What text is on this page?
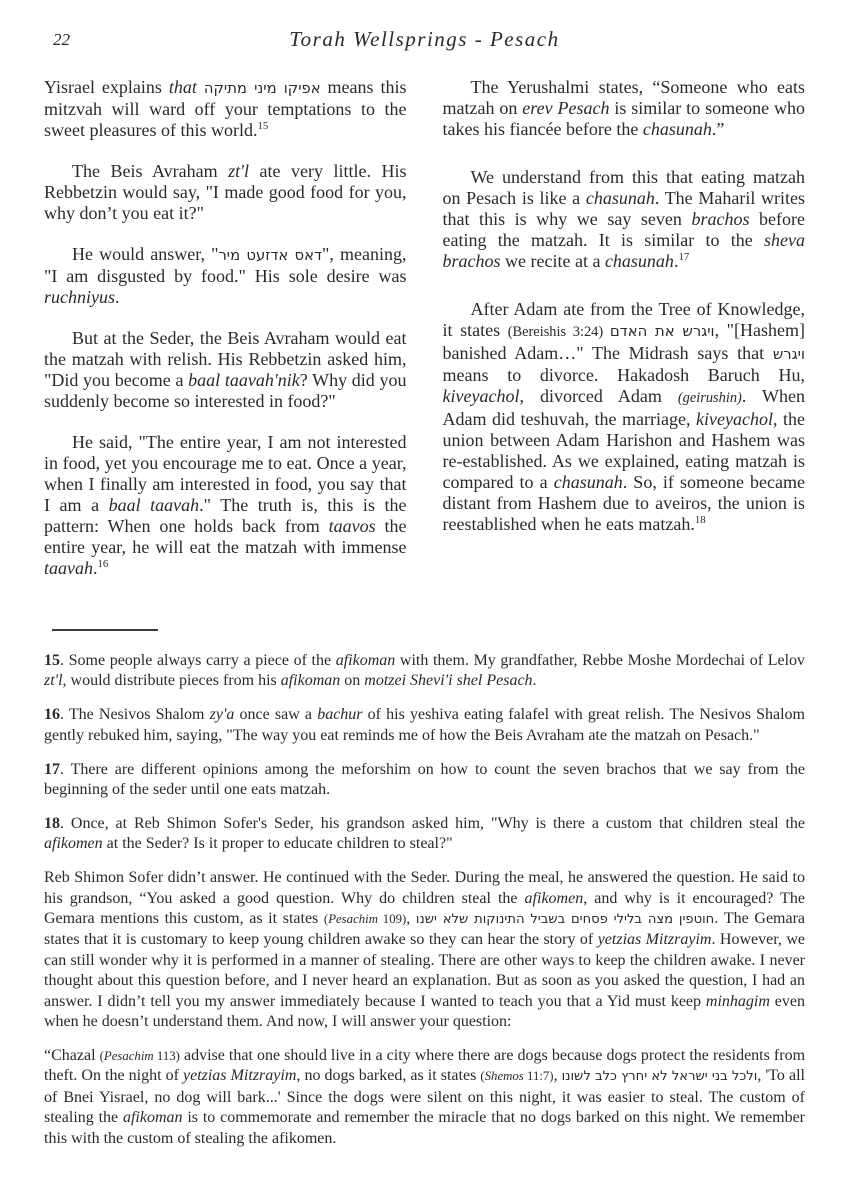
22	Torah Wellsprings - Pesach

Yisrael explains that אפיקו מיני מתיקה means this mitzvah will ward off your temptations to the sweet pleasures of this world.$^{15}$

The Beis Avraham zt'l ate very little. His Rebbetzin would say, "I made good food for you, why don’t you eat it?"

He would answer, "דאס אדזעט מיר", meaning, "I am disgusted by food." His sole desire was ruchniyus.

But at the Seder, the Beis Avraham would eat the matzah with relish. His Rebbetzin asked him, "Did you become a baal taavah'nik? Why did you suddenly become so interested in food?"

He said, "The entire year, I am not interested in food, yet you encourage me to eat. Once a year, when I finally am interested in food, you say that I am a baal taavah." The truth is, this is the pattern: When one holds back from taavos the entire year, he will eat the matzah with immense taavah.$^{16}$

The Yerushalmi states, “Someone who eats matzah on erev Pesach is similar to someone who takes his fiancée before the chasunah.”

We understand from this that eating matzah on Pesach is like a chasunah. The Maharil writes that this is why we say seven brachos before eating the matzah. It is similar to the sheva brachos we recite at a chasunah.$^{17}$

After Adam ate from the Tree of Knowledge, it states (Bereishis 3:24) ויגרש את האדם, "[Hashem] banished Adam…" The Midrash says that ויגרש means to divorce. Hakadosh Baruch Hu, kiveyachol, divorced Adam (geirushin). When Adam did teshuvah, the marriage, kiveyachol, the union between Adam Harishon and Hashem was re-established. As we explained, eating matzah is compared to a chasunah. So, if someone became distant from Hashem due to aveiros, the union is reestablished when he eats matzah.$^{18}$

15. Some people always carry a piece of the afikoman with them. My grandfather, Rebbe Moshe Mordechai of Lelov zt'l, would distribute pieces from his afikoman on motzei Shevi'i shel Pesach.

16. The Nesivos Shalom zy'a once saw a bachur of his yeshiva eating falafel with great relish. The Nesivos Shalom gently rebuked him, saying, "The way you eat reminds me of how the Beis Avraham ate the matzah on Pesach."

17. There are different opinions among the meforshim on how to count the seven brachos that we say from the beginning of the seder until one eats matzah.

18. Once, at Reb Shimon Sofer's Seder, his grandson asked him, "Why is there a custom that children steal the afikomen at the Seder? Is it proper to educate children to steal?"

Reb Shimon Sofer didn’t answer. He continued with the Seder. During the meal, he answered the question. He said to his grandson, “You asked a good question. Why do children steal the afikomen, and why is it encouraged? The Gemara mentions this custom, as it states (Pesachim 109), חוטפין מצה בלילי פסחים בשביל התינוקות שלא ישנו. The Gemara states that it is customary to keep young children awake so they can hear the story of yetzias Mitzrayim. However, we can still wonder why it is performed in a manner of stealing. There are other ways to keep the children awake. I never thought about this question before, and I never heard an explanation. But as soon as you asked the question, I had an answer. I didn’t tell you my answer immediately because I wanted to teach you that a Yid must keep minhagim even when he doesn’t understand them. And now, I will answer your question:

“Chazal (Pesachim 113) advise that one should live in a city where there are dogs because dogs protect the residents from theft. On the night of yetzias Mitzrayim, no dogs barked, as it states (Shemos 11:7), ולכל בני ישראל לא יחרץ כלב לשונו, 'To all of Bnei Yisrael, no dog will bark...' Since the dogs were silent on this night, it was easier to steal. The custom of stealing the afikoman is to commemorate and remember the miracle that no dogs barked on this night. We remember this with the custom of stealing the afikomen.
